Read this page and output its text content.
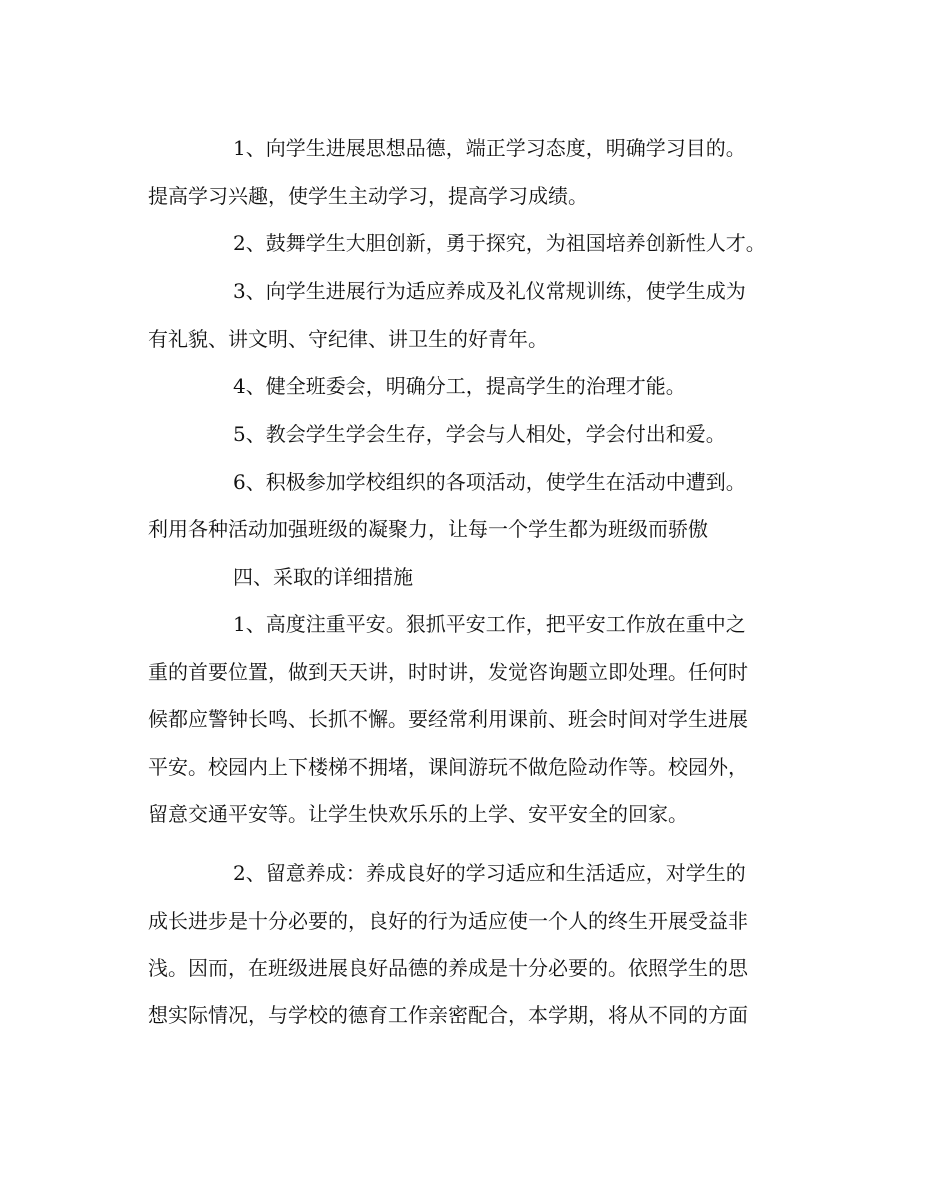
1、向学生进展思想品德，端正学习态度，明确学习目的。
提高学习兴趣，使学生主动学习，提高学习成绩。
2、鼓舞学生大胆创新，勇于探究，为祖国培养创新性人才。
3、向学生进展行为适应养成及礼仪常规训练，使学生成为
有礼貌、讲文明、守纪律、讲卫生的好青年。
4、健全班委会，明确分工，提高学生的治理才能。
5、教会学生学会生存，学会与人相处，学会付出和爱。
6、积极参加学校组织的各项活动，使学生在活动中遭到。
利用各种活动加强班级的凝聚力，让每一个学生都为班级而骄傲
四、采取的详细措施
1、高度注重平安。狠抓平安工作，把平安工作放在重中之
重的首要位置，做到天天讲，时时讲，发觉咨询题立即处理。任何时
候都应警钟长鸣、长抓不懈。要经常利用课前、班会时间对学生进展
平安。校园内上下楼梯不拥堵，课间游玩不做危险动作等。校园外，
留意交通平安等。让学生快欢乐乐的上学、安平安全的回家。
2、留意养成：养成良好的学习适应和生活适应，对学生的
成长进步是十分必要的，良好的行为适应使一个人的终生开展受益非
浅。因而，在班级进展良好品德的养成是十分必要的。依照学生的思
想实际情况，与学校的德育工作亲密配合，本学期，将从不同的方面
